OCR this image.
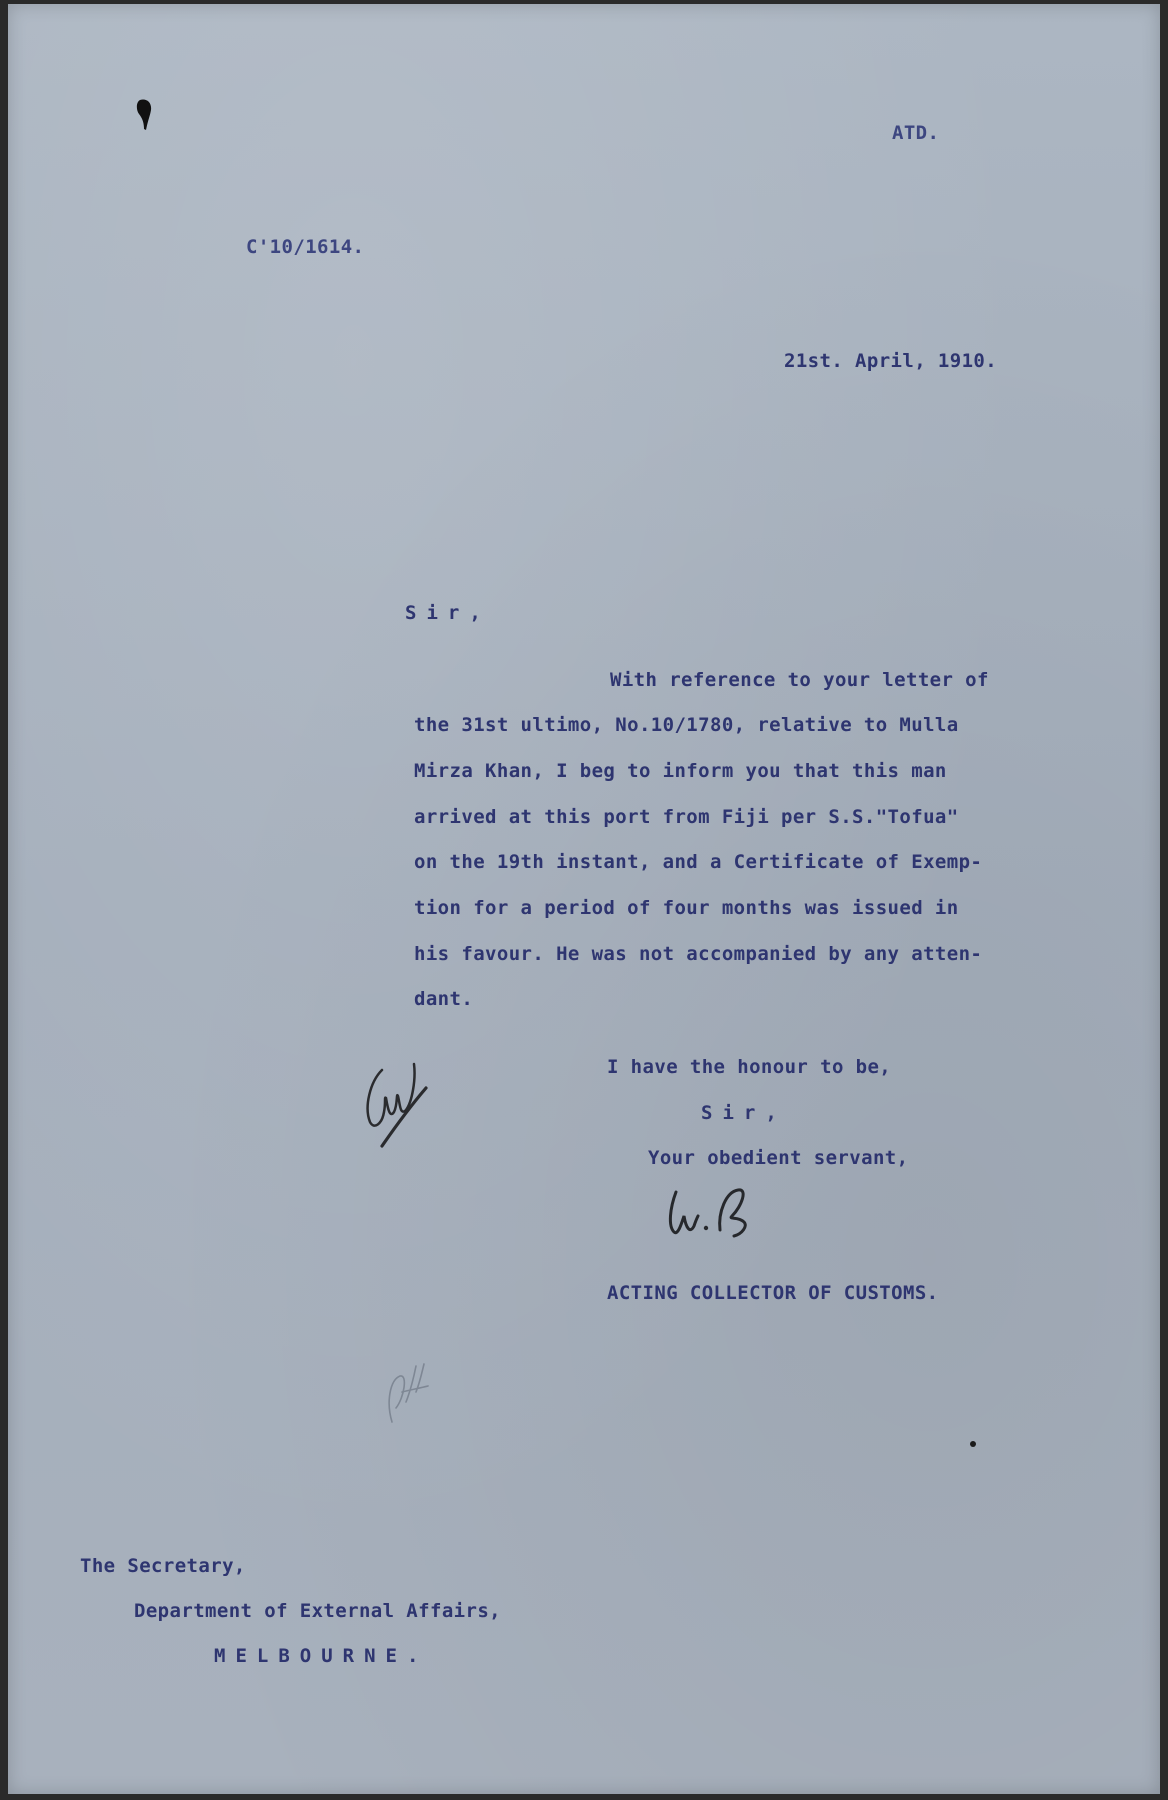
ATD.
C'10/1614.
21st. April, 1910.
Sir,
With reference to your letter of
the 31st ultimo, No.10/1780, relative to Mulla
Mirza Khan, I beg to inform you that this man
arrived at this port from Fiji per S.S."Tofua"
on the 19th instant, and a Certificate of Exemp-
tion for a period of four months was issued in
his favour. He was not accompanied by any atten-
dant.
I have the honour to be,
Sir,
Your obedient servant,
ACTING COLLECTOR OF CUSTOMS.
The Secretary,
Department of External Affairs,
MELBOURNE.
